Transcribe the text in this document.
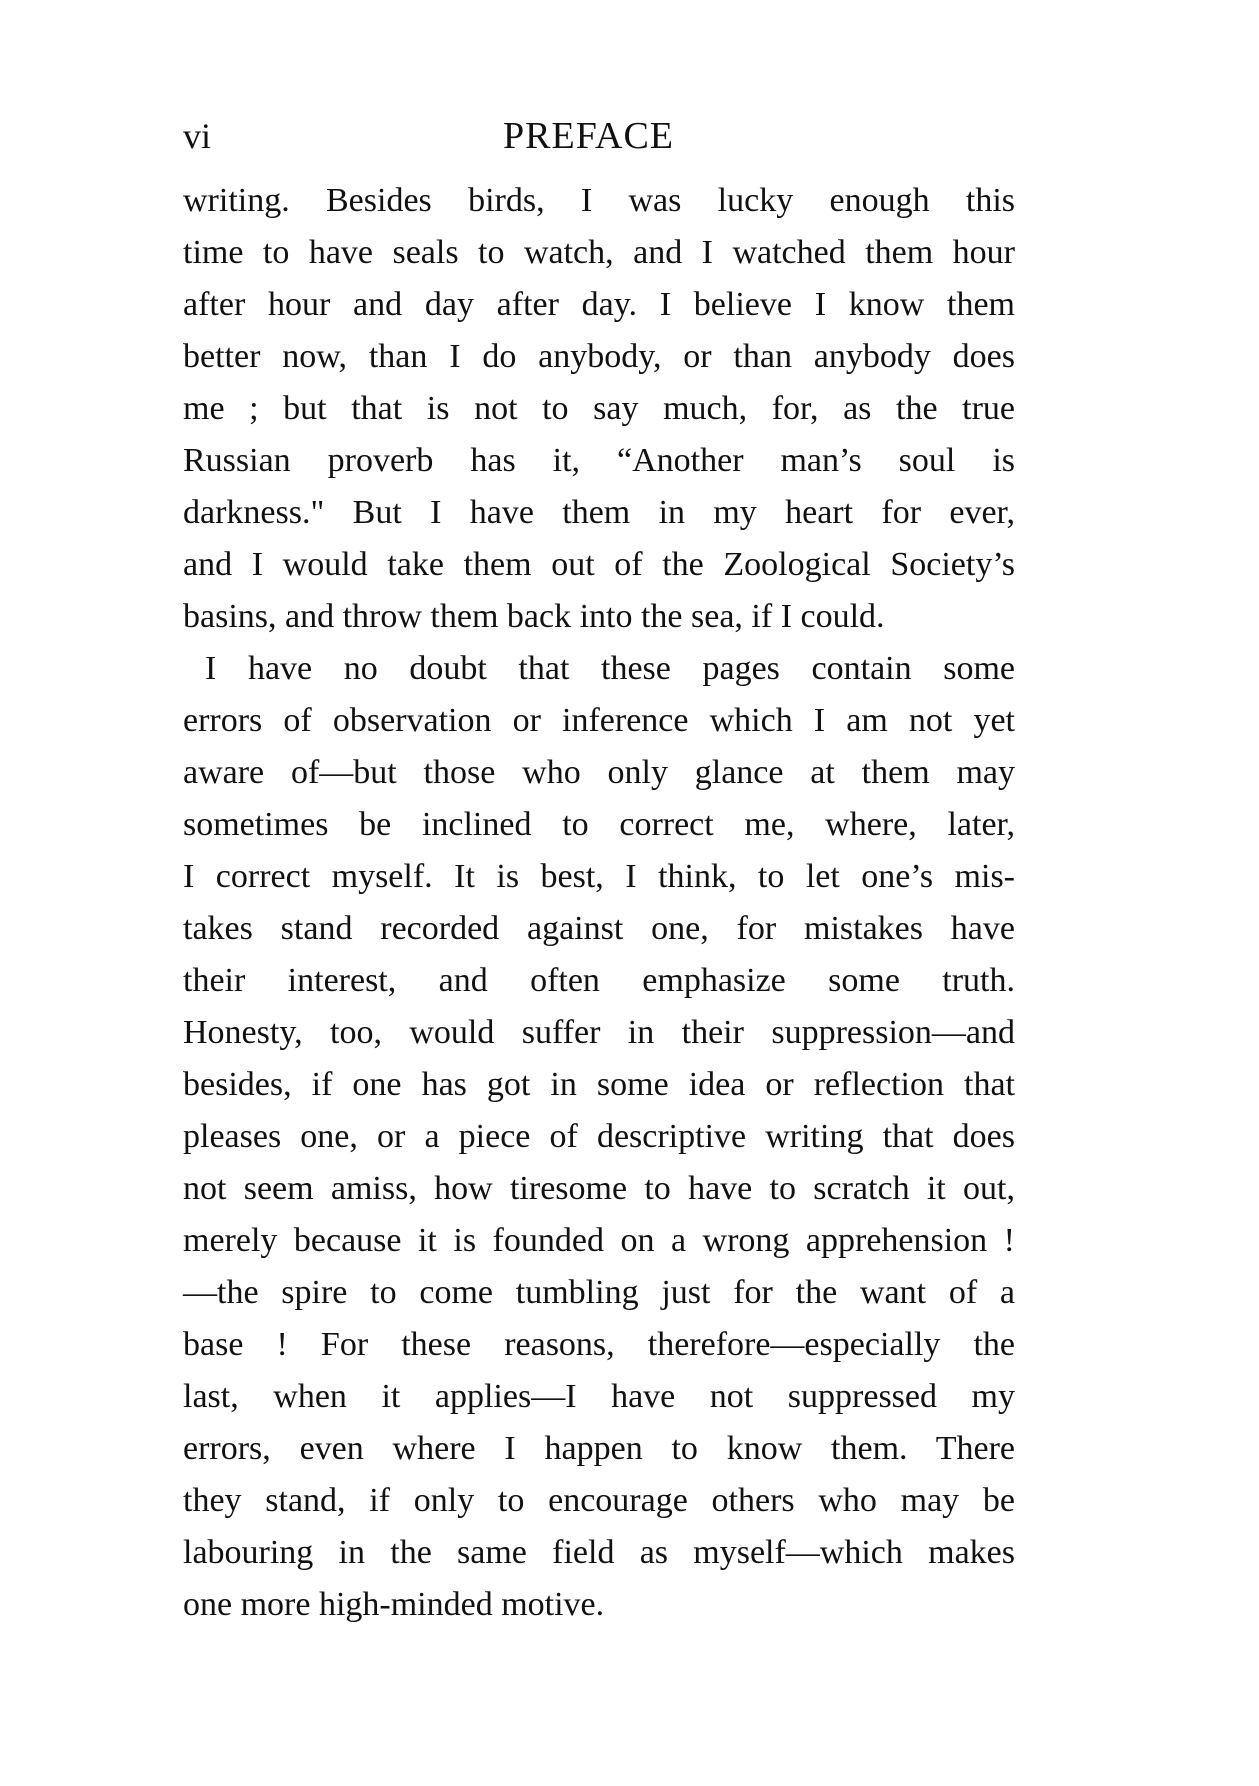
vi	PREFACE
writing. Besides birds, I was lucky enough this
time to have seals to watch, and I watched them hour
after hour and day after day. I believe I know them
better now, than I do anybody, or than anybody does
me ; but that is not to say much, for, as the true
Russian proverb has it, “Another man’s soul is
darkness." But I have them in my heart for ever,
and I would take them out of the Zoological Society’s
basins, and throw them back into the sea, if I could.
I have no doubt that these pages contain some
errors of observation or inference which I am not yet
aware of—but those who only glance at them may
sometimes be inclined to correct me, where, later,
I correct myself. It is best, I think, to let one’s mis-
takes stand recorded against one, for mistakes have
their interest, and often emphasize some truth.
Honesty, too, would suffer in their suppression—and
besides, if one has got in some idea or reflection that
pleases one, or a piece of descriptive writing that does
not seem amiss, how tiresome to have to scratch it out,
merely because it is founded on a wrong apprehension !
—the spire to come tumbling just for the want of a
base ! For these reasons, therefore—especially the
last, when it applies—I have not suppressed my
errors, even where I happen to know them. There
they stand, if only to encourage others who may be
labouring in the same field as myself—which makes
one more high-minded motive.
